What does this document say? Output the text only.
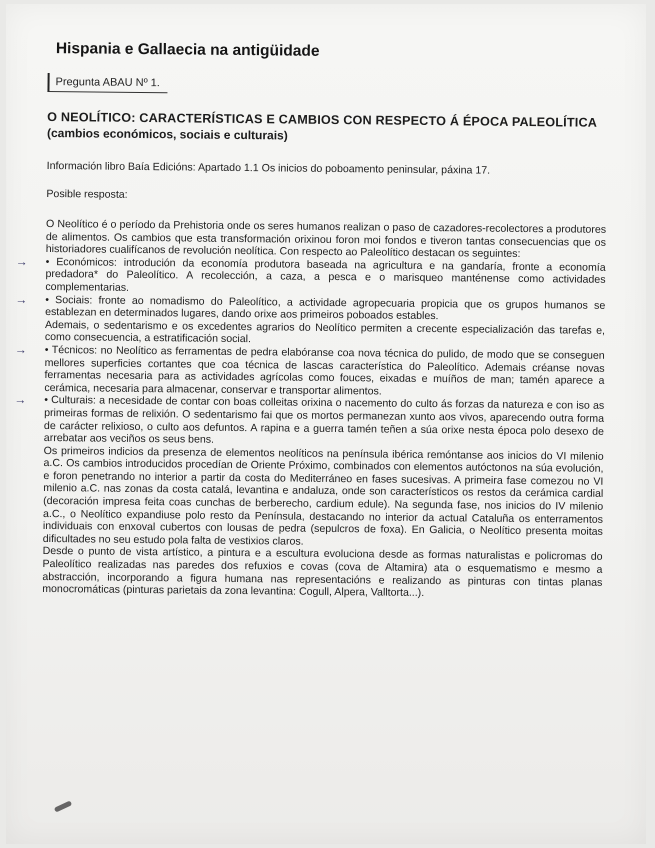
Hispania e Gallaecia na antigüidade
Pregunta ABAU Nº 1.
O NEOLÍTICO: CARACTERÍSTICAS E CAMBIOS CON RESPECTO Á ÉPOCA PALEOLÍTICA
(cambios económicos, sociais e culturais)
Información libro Baía Edicións: Apartado 1.1 Os inicios do poboamento peninsular, páxina 17.
Posible resposta:

O Neolítico é o período da Prehistoria onde os seres humanos realizan o paso de cazadores-recolectores a produtores de alimentos. Os cambios que esta transformación orixinou foron moi fondos e tiveron tantas consecuencias que os historiadores cualifícanos de revolución neolítica. Con respecto ao Paleolítico destacan os seguintes:

→ • Económicos: introdución da economía produtora baseada na agricultura e na gandaría, fronte a economía predadora* do Paleolítico. A recolección, a caza, a pesca e o marisqueo manténense como actividades complementarias.

→ • Sociais: fronte ao nomadismo do Paleolítico, a actividade agropecuaria propicia que os grupos humanos se establezan en determinados lugares, dando orixe aos primeiros poboados estables.

Ademais, o sedentarismo e os excedentes agrarios do Neolítico permiten a crecente especialización das tarefas e, como consecuencia, a estratificación social.

→ • Técnicos: no Neolítico as ferramentas de pedra elabóranse coa nova técnica do pulido, de modo que se conseguen mellores superficies cortantes que coa técnica de lascas característica do Paleolítico. Ademais créanse novas ferramentas necesaria para as actividades agrícolas como fouces, eixadas e muíños de man; tamén aparece a cerámica, necesaria para almacenar, conservar e transportar alimentos.

→ • Culturais: a necesidade de contar con boas colleitas orixina o nacemento do culto ás forzas da natureza e con iso as primeiras formas de relixión. O sedentarismo fai que os mortos permanezan xunto aos vivos, aparecendo outra forma de carácter relixioso, o culto aos defuntos. A rapina e a guerra tamén teñen a súa orixe nesta época polo desexo de arrebatar aos veciños os seus bens.

Os primeiros indicios da presenza de elementos neolíticos na península ibérica remóntanse aos inicios do VI milenio a.C. Os cambios introducidos procedían de Oriente Próximo, combinados con elementos autóctonos na súa evolución, e foron penetrando no interior a partir da costa do Mediterráneo en fases sucesivas. A primeira fase comezou no VI milenio a.C. nas zonas da costa catalá, levantina e andaluza, onde son característicos os restos da cerámica cardial (decoración impresa feita coas cunchas de berberecho, cardium edule). Na segunda fase, nos inicios do IV milenio a.C., o Neolítico expandiuse polo resto da Península, destacando no interior da actual Cataluña os enterramentos individuais con enxoval cubertos con lousas de pedra (sepulcros de foxa). En Galicia, o Neolítico presenta moitas dificultades no seu estudo pola falta de vestixios claros.

Desde o punto de vista artístico, a pintura e a escultura evoluciona desde as formas naturalistas e policromas do Paleolítico realizadas nas paredes dos refuxios e covas (cova de Altamira) ata o esquematismo e mesmo a abstracción, incorporando a figura humana nas representacións e realizando as pinturas con tintas planas monocromáticas (pinturas parietais da zona levantina: Cogull, Alpera, Valltorta...).
